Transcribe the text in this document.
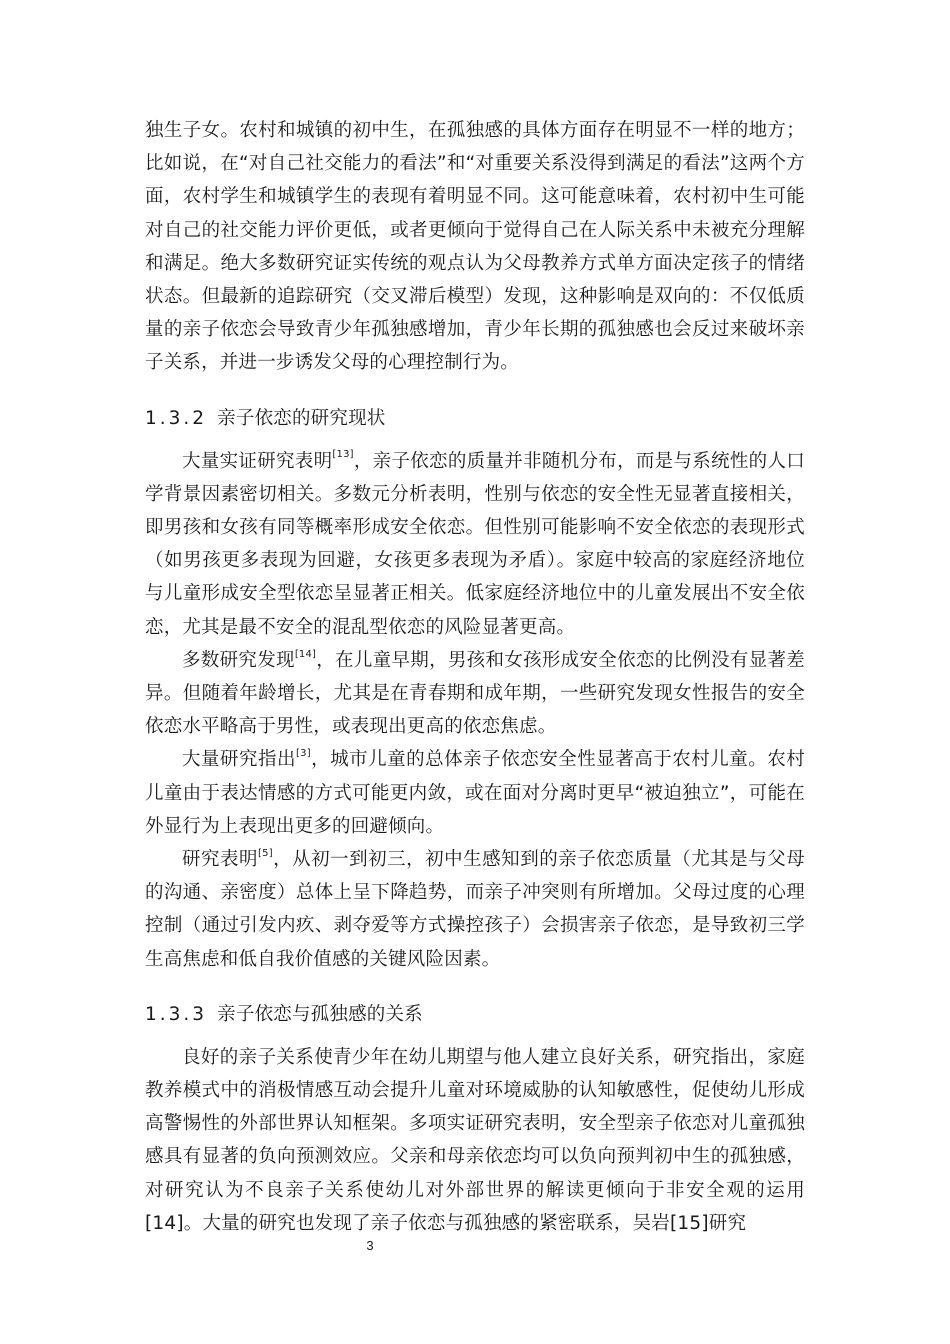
独生子女。农村和城镇的初中生，在孤独感的具体方面存在明显不一样的地方；比如说，在“对自己社交能力的看法”和“对重要关系没得到满足的看法”这两个方面，农村学生和城镇学生的表现有着明显不同。这可能意味着，农村初中生可能对自己的社交能力评价更低，或者更倾向于觉得自己在人际关系中未被充分理解和满足。绝大多数研究证实传统的观点认为父母教养方式单方面决定孩子的情绪状态。但最新的追踪研究（交叉滞后模型）发现，这种影响是双向的：不仅低质量的亲子依恋会导致青少年孤独感增加，青少年长期的孤独感也会反过来破坏亲子关系，并进一步诱发父母的心理控制行为。

1.3.2 亲子依恋的研究现状

大量实证研究表明[13]，亲子依恋的质量并非随机分布，而是与系统性的人口学背景因素密切相关。多数元分析表明，性别与依恋的安全性无显著直接相关，即男孩和女孩有同等概率形成安全依恋。但性别可能影响不安全依恋的表现形式（如男孩更多表现为回避，女孩更多表现为矛盾）。家庭中较高的家庭经济地位与儿童形成安全型依恋呈显著正相关。低家庭经济地位中的儿童发展出不安全依恋，尤其是最不安全的混乱型依恋的风险显著更高。

多数研究发现[14]，在儿童早期，男孩和女孩形成安全依恋的比例没有显著差异。但随着年龄增长，尤其是在青春期和成年期，一些研究发现女性报告的安全依恋水平略高于男性，或表现出更高的依恋焦虑。

大量研究指出[3]，城市儿童的总体亲子依恋安全性显著高于农村儿童。农村儿童由于表达情感的方式可能更内敛，或在面对分离时更早“被迫独立”，可能在外显行为上表现出更多的回避倾向。

研究表明[5]，从初一到初三，初中生感知到的亲子依恋质量（尤其是与父母的沟通、亲密度）总体上呈下降趋势，而亲子冲突则有所增加。父母过度的心理控制（通过引发内疚、剥夺爱等方式操控孩子）会损害亲子依恋，是导致初三学生高焦虑和低自我价值感的关键风险因素。

1.3.3 亲子依恋与孤独感的关系

良好的亲子关系使青少年在幼儿期望与他人建立良好关系，研究指出，家庭教养模式中的消极情感互动会提升儿童对环境威胁的认知敏感性，促使幼儿形成高警惕性的外部世界认知框架。多项实证研究表明，安全型亲子依恋对儿童孤独感具有显著的负向预测效应。父亲和母亲依恋均可以负向预判初中生的孤独感，对研究认为不良亲子关系使幼儿对外部世界的解读更倾向于非安全观的运用[14]。大量的研究也发现了亲子依恋与孤独感的紧密联系，吴岩[15]研究

3
